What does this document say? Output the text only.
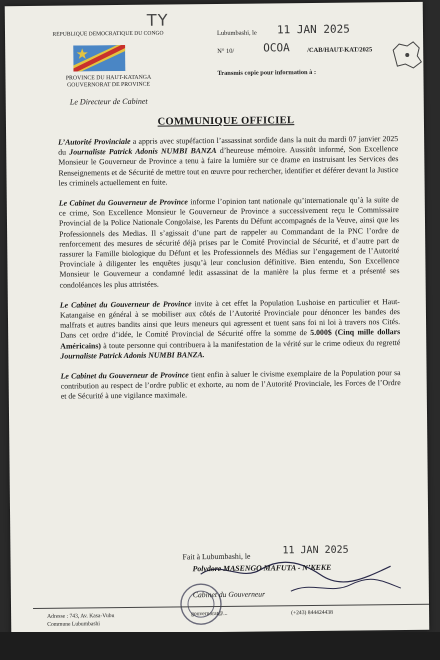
TY
REPUBLIQUE DEMOCRATIQUE DU CONGO
PROVINCE DU HAUT-KATANGA
GOUVERNORAT DE PROVINCE
Le Directeur de Cabinet
Lubumbashi, le 11 JAN 2025
N° 10/	OCOA	/CAB/HAUT-KAT/2025
Transmis copie pour information à :
COMMUNIQUE OFFICIEL

L’Autorité Provinciale a appris avec stupéfaction l’assassinat sordide dans la nuit du mardi 07 janvier 2025 du Journaliste Patrick Adonis NUMBI BANZA d’heureuse mémoire. Aussitôt informé, Son Excellence Monsieur le Gouverneur de Province a tenu à faire la lumière sur ce drame en instruisant les Services des Renseignements et de Sécurité de mettre tout en œuvre pour rechercher, identifier et déférer devant la Justice les criminels actuellement en fuite.

Le Cabinet du Gouverneur de Province informe l’opinion tant nationale qu’internationale qu’à la suite de ce crime, Son Excellence Monsieur le Gouverneur de Province a successivement reçu le Commissaire Provincial de la Police Nationale Congolaise, les Parents du Défunt accompagnés de la Veuve, ainsi que les Professionnels des Medias. Il s’agissait d’une part de rappeler au Commandant de la PNC l’ordre de renforcement des mesures de sécurité déjà prises par le Comité Provincial de Sécurité, et d’autre part de rassurer la Famille biologique du Défunt et les Professionnels des Médias sur l’engagement de l’Autorité Provinciale à diligenter les enquêtes jusqu’à leur conclusion définitive. Bien entendu, Son Excellence Monsieur le Gouverneur a condamné ledit assassinat de la manière la plus ferme et a présenté ses condoléances les plus attristées.

Le Cabinet du Gouverneur de Province invite à cet effet la Population Lushoise en particulier et Haut-Katangaise en général à se mobiliser aux côtés de l’Autorité Provinciale pour dénoncer les bandes des malfrats et autres bandits ainsi que leurs meneurs qui agressent et tuent sans foi ni loi à travers nos Cités. Dans cet ordre d’idée, le Comité Provincial de Sécurité offre la somme de 5.000$ (Cinq mille dollars Américains) à toute personne qui contribuera à la manifestation de la vérité sur le crime odieux du regretté Journaliste Patrick Adonis NUMBI BANZA.

Le Cabinet du Gouverneur de Province tient enfin à saluer le civisme exemplaire de la Population pour sa contribution au respect de l’ordre public et exhorte, au nom de l’Autorité Provinciale, les Forces de l’Ordre et de Sécurité à une vigilance maximale.

Fait à Lubumbashi, le
11 JAN 2025
Polydore MASENGO MAFUTA - N’KEKE
Cabinet du Gouverneur
Adresse : 743, Av. Kasa-Vubu
Commune Lubumbashi
gouvernorat@...	(+243) 844424438
